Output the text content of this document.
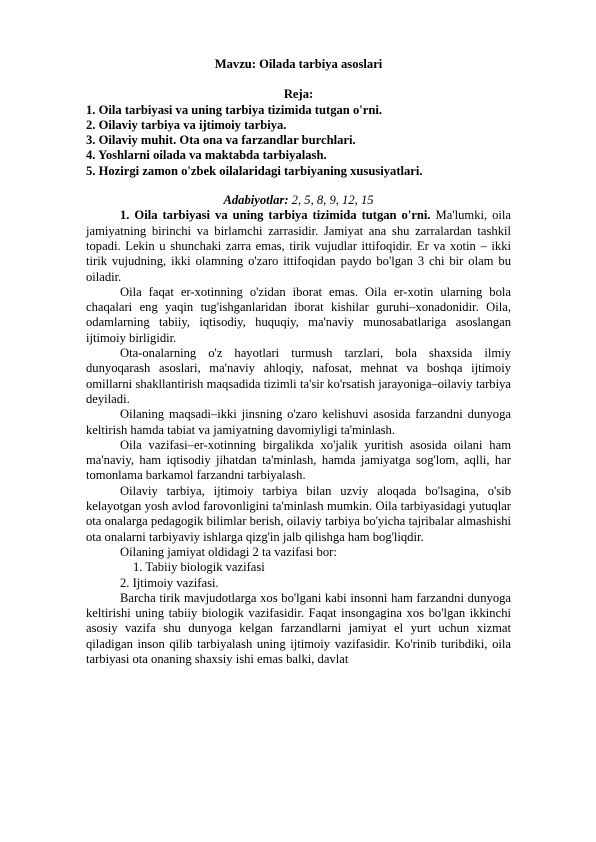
Mavzu: Oilada tarbiya asoslari

Reja:

1. Oila tarbiyasi va uning tarbiya tizimida tutgan o'rni.
2. Oilaviy tarbiya va ijtimoiy tarbiya.
3. Oilaviy muhit. Ota ona va farzandlar burchlari.
4. Yoshlarni oilada va maktabda tarbiyalash.
5. Hozirgi zamon o'zbek oilalaridagi tarbiyaning xususiyatlari.

Adabiyotlar: 2, 5, 8, 9, 12, 15

1. Oila tarbiyasi va uning tarbiya tizimida tutgan o'rni. Ma'lumki, oila jamiyatning birinchi va birlamchi zarrasidir. Jamiyat ana shu zarralardan tashkil topadi. Lekin u shunchaki zarra emas, tirik vujudlar ittifoqidir. Er va xotin – ikki tirik vujudning, ikki olamning o'zaro ittifoqidan paydo bo'lgan 3 chi bir olam bu oiladir.

Oila faqat er-xotinning o'zidan iborat emas. Oila er-xotin ularning bola chaqalari eng yaqin tug'ishganlaridan iborat kishilar guruhi–xonadonidir. Oila, odamlarning tabiiy, iqtisodiy, huquqiy, ma'naviy munosabatlariga asoslangan ijtimoiy birligidir.

Ota-onalarning o'z hayotlari turmush tarzlari, bola shaxsida ilmiy dunyoqarash asoslari, ma'naviy ahloqiy, nafosat, mehnat va boshqa ijtimoiy omillarni shakllantirish maqsadida tizimli ta'sir ko'rsatish jarayoniga–oilaviy tarbiya deyiladi.

Oilaning maqsadi–ikki jinsning o'zaro kelishuvi asosida farzandni dunyoga keltirish hamda tabiat va jamiyatning davomiyligi ta'minlash.

Oila vazifasi–er-xotinning birgalikda xo'jalik yuritish asosida oilani ham ma'naviy, ham iqtisodiy jihatdan ta'minlash, hamda jamiyatga sog'lom, aqlli, har tomonlama barkamol farzandni tarbiyalash.

Oilaviy tarbiya, ijtimoiy tarbiya bilan uzviy aloqada bo'lsagina, o'sib kelayotgan yosh avlod farovonligini ta'minlash mumkin. Oila tarbiyasidagi yutuqlar ota onalarga pedagogik bilimlar berish, oilaviy tarbiya bo'yicha tajribalar almashishi ota onalarni tarbiyaviy ishlarga qizg'in jalb qilishga ham bog'liqdir.

Oilaning jamiyat oldidagi 2 ta vazifasi bor:

1. Tabiiy biologik vazifasi

2. Ijtimoiy vazifasi.

Barcha tirik mavjudotlarga xos bo'lgani kabi insonni ham farzandni dunyoga keltirishi uning tabiiy biologik vazifasidir. Faqat insongagina xos bo'lgan ikkinchi asosiy vazifa shu dunyoga kelgan farzandlarni jamiyat el yurt uchun xizmat qiladigan inson qilib tarbiyalash uning ijtimoiy vazifasidir. Ko'rinib turibdiki, oila tarbiyasi ota onaning shaxsiy ishi emas balki, davlat
